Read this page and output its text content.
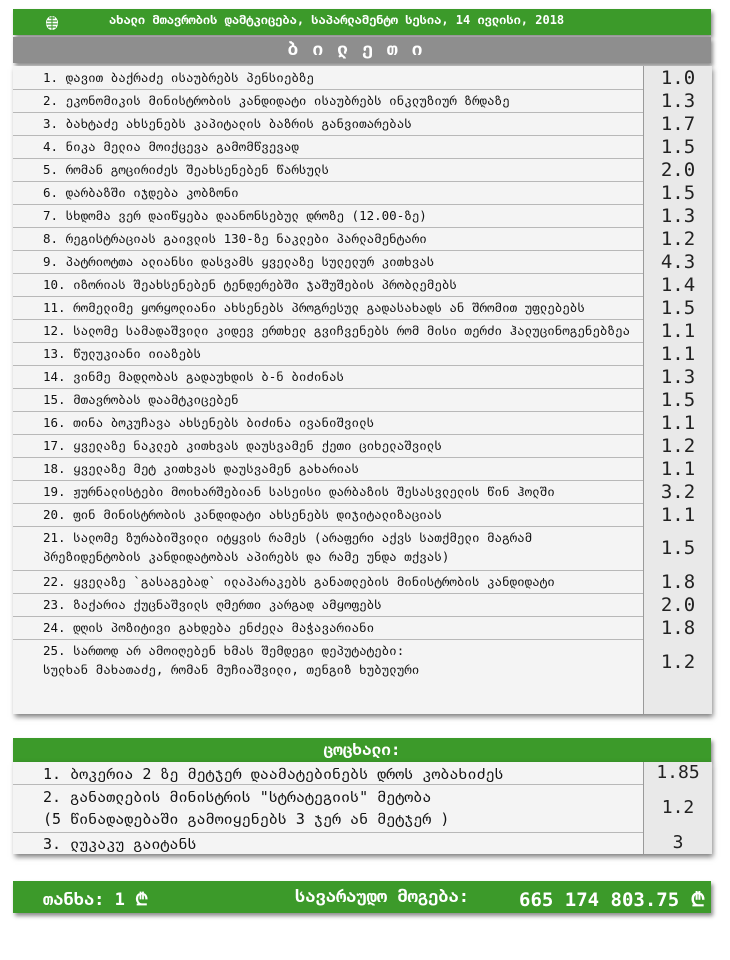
ახალი მთავრობის დამტკიცება, საპარლამენტო სესია, 14 ივლისი, 2018
ბილეთი
1. დავით ბაქრაძე ისაუბრებს პენსიებზე
2. ეკონომიკის მინისტრობის კანდიდატი ისაუბრებს ინკლუზიურ ზრდაზე
3. ბახტაძე ახსენებს კაპიტალის ბაზრის განვითარებას
4. ნიკა მელია მოიქცევა გამომწვევად
5. რომან გოცირიძეს შეახსენებენ წარსულს
6. დარბაზში იჯდება კობზონი
7. სხდომა ვერ დაიწყება დაანონსებულ დროზე (12.00-ზე)
8. რეგისტრაციას გაივლის 130-ზე ნაკლები პარლამენტარი
9. პატრიოტთა ალიანსი დასვამს ყველაზე სულელურ კითხვას
10. იზორიას შეახსენებენ ტენდერებში ჯაშუშების პრობლემებს
11. რომელიმე ყორყოლიანი ახსენებს პროგრესულ გადასახადს ან შრომით უფლებებს
12. სალომე სამადაშვილი კიდევ ერთხელ გვიჩვენებს რომ მისი თერძი ჰალუცინოგენებზეა
13. წულუკიანი იიაზებს
14. ვინმე მადლობას გადაუხდის ბ-ნ ბიძინას
15. მთავრობას დაამტკიცებენ
16. თინა ბოკუჩავა ახსენებს ბიძინა ივანიშვილს
17. ყველაზე ნაკლებ კითხვას დაუსვამენ ქეთი ციხელაშვილს
18. ყველაზე მეტ კითხვას დაუსვამენ გახარიას
19. ჟურნალისტები მოიხარშებიან სასეისი დარბაზის შესასვლელის წინ ჰოლში
20. ფინ მინისტრობის კანდიდატი ახსენებს დიჯიტალიზაციას
21. სალომე ზურაბიშვილი იტყვის რამეს (არაფერი აქვს სათქმელი მაგრამ
პრეზიდენტობის კანდიდატობას აპირებს და რამე უნდა თქვას)
22. ყველაზე `გასაგებად` ილაპარაკებს განათლების მინისტრობის კანდიდატი
23. ზაქარია ქუცნაშვილს ღმერთი კარგად ამყოფებს
24. დღის პოზიტივი გახდება ენძელა მაჭავარიანი
25. სართოდ არ ამოიღებენ ხმას შემდეგი დეპუტატები:
სულხან მახათაძე, რომან მუჩიაშვილი, თენგიზ ხუბულური
1.0
1.3
1.7
1.5
2.0
1.5
1.3
1.2
4.3
1.4
1.5
1.1
1.1
1.3
1.5
1.1
1.2
1.1
3.2
1.1
1.5
1.8
2.0
1.8
1.2
ცოცხალი:
1. ბოკერია 2 ზე მეტჯერ დაამატებინებს დროს კობახიძეს
2. განათლების მინისტრის "სტრატეგიის" მეტობა
(5 წინადადებაში გამოიყენებს 3 ჯერ ან მეტჯერ )
3. ლუკაკუ გაიტანს
1.85
1.2
3
თანხა: 1 ₾	სავარაუდო მოგება:	665 174 803.75 ₾
